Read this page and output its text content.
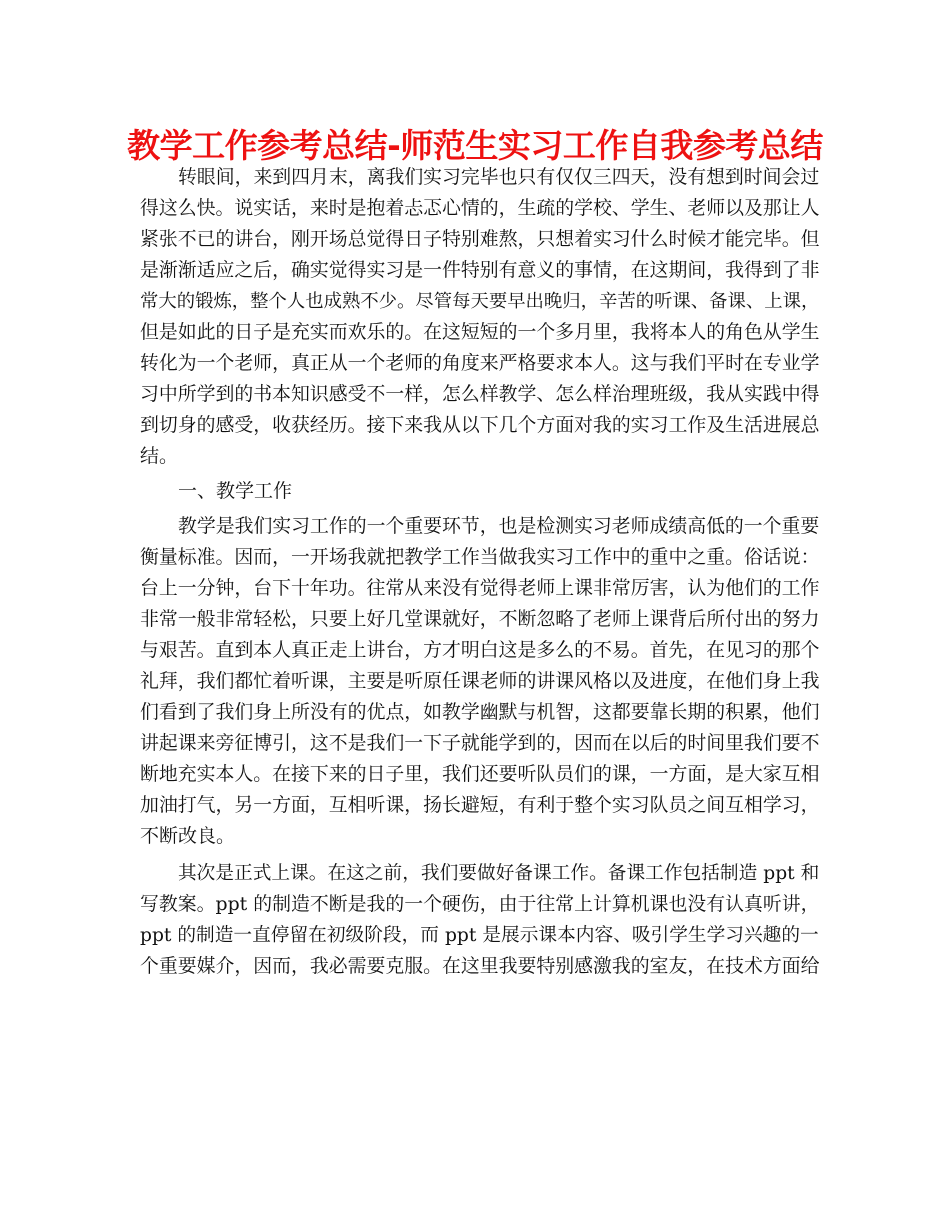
教学工作参考总结-师范生实习工作自我参考总结
转眼间，来到四月末，离我们实习完毕也只有仅仅三四天，没有想到时间会过
得这么快。说实话，来时是抱着忐忑心情的，生疏的学校、学生、老师以及那让人
紧张不已的讲台，刚开场总觉得日子特别难熬，只想着实习什么时候才能完毕。但
是渐渐适应之后，确实觉得实习是一件特别有意义的事情，在这期间，我得到了非
常大的锻炼，整个人也成熟不少。尽管每天要早出晚归，辛苦的听课、备课、上课，
但是如此的日子是充实而欢乐的。在这短短的一个多月里，我将本人的角色从学生
转化为一个老师，真正从一个老师的角度来严格要求本人。这与我们平时在专业学
习中所学到的书本知识感受不一样，怎么样教学、怎么样治理班级，我从实践中得
到切身的感受，收获经历。接下来我从以下几个方面对我的实习工作及生活进展总
结。
一、教学工作
教学是我们实习工作的一个重要环节，也是检测实习老师成绩高低的一个重要
衡量标准。因而，一开场我就把教学工作当做我实习工作中的重中之重。俗话说：
台上一分钟，台下十年功。往常从来没有觉得老师上课非常厉害，认为他们的工作
非常一般非常轻松，只要上好几堂课就好，不断忽略了老师上课背后所付出的努力
与艰苦。直到本人真正走上讲台，方才明白这是多么的不易。首先，在见习的那个
礼拜，我们都忙着听课，主要是听原任课老师的讲课风格以及进度，在他们身上我
们看到了我们身上所没有的优点，如教学幽默与机智，这都要靠长期的积累，他们
讲起课来旁征博引，这不是我们一下子就能学到的，因而在以后的时间里我们要不
断地充实本人。在接下来的日子里，我们还要听队员们的课，一方面，是大家互相
加油打气，另一方面，互相听课，扬长避短，有利于整个实习队员之间互相学习，
不断改良。
其次是正式上课。在这之前，我们要做好备课工作。备课工作包括制造 ppt 和
写教案。ppt 的制造不断是我的一个硬伤，由于往常上计算机课也没有认真听讲，
ppt 的制造一直停留在初级阶段，而 ppt 是展示课本内容、吸引学生学习兴趣的一
个重要媒介，因而，我必需要克服。在这里我要特别感激我的室友，在技术方面给
